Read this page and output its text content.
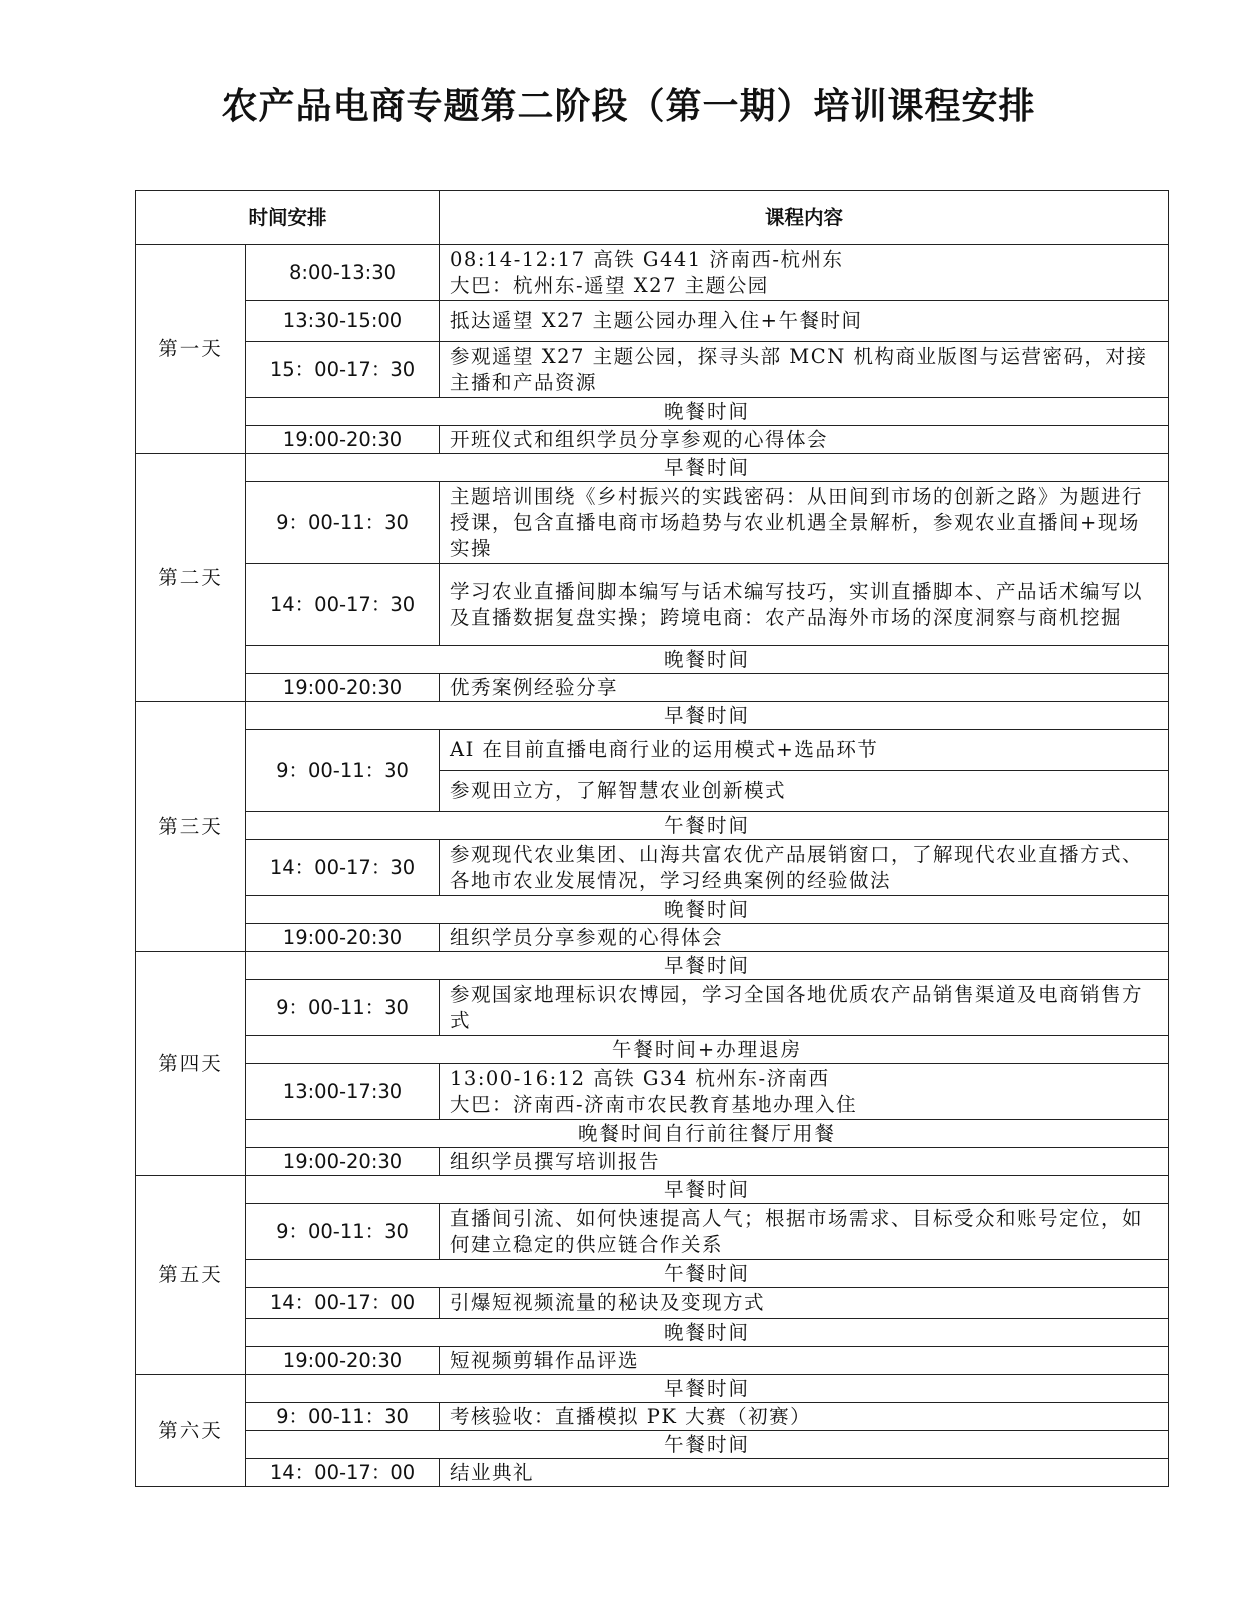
农产品电商专题第二阶段（第一期）培训课程安排
时间安排		课程内容
第一天	8:00-13:30	08:14-12:17 高铁 G441 济南西-杭州东
大巴：杭州东-遥望 X27 主题公园

	13:30-15:00	抵达遥望 X27 主题公园办理入住+午餐时间

	15：00-17：30	参观遥望 X27 主题公园，探寻头部 MCN 机构商业版图与运营密码，对接主播和产品资源

	晚餐时间	
	19:00-20:30	开班仪式和组织学员分享参观的心得体会

第二天	早餐时间	
	9：00-11：30	主题培训围绕《乡村振兴的实践密码：从田间到市场的创新之路》为题进行授课，包含直播电商市场趋势与农业机遇全景解析，参观农业直播间+现场实操

	14：00-17：30	学习农业直播间脚本编写与话术编写技巧，实训直播脚本、产品话术编写以及直播数据复盘实操；跨境电商：农产品海外市场的深度洞察与商机挖掘

	晚餐时间	
	19:00-20:30	优秀案例经验分享

第三天	早餐时间	
	9：00-11：30	AI 在目前直播电商行业的运用模式+选品环节

		参观田立方，了解智慧农业创新模式

	午餐时间	
	14：00-17：30	参观现代农业集团、山海共富农优产品展销窗口，了解现代农业直播方式、各地市农业发展情况，学习经典案例的经验做法

	晚餐时间	
	19:00-20:30	组织学员分享参观的心得体会

第四天	早餐时间	
	9：00-11：30	参观国家地理标识农博园，学习全国各地优质农产品销售渠道及电商销售方式

	午餐时间+办理退房	
	13:00-17:30	13:00-16:12 高铁 G34 杭州东-济南西
大巴：济南西-济南市农民教育基地办理入住

	晚餐时间自行前往餐厅用餐	
	19:00-20:30	组织学员撰写培训报告

第五天	早餐时间	
	9：00-11：30	直播间引流、如何快速提高人气；根据市场需求、目标受众和账号定位，如何建立稳定的供应链合作关系

	午餐时间	
	14：00-17：00	引爆短视频流量的秘诀及变现方式

	晚餐时间	
	19:00-20:30	短视频剪辑作品评选

第六天	早餐时间	
	9：00-11：30	考核验收：直播模拟 PK 大赛（初赛）

	午餐时间	
	14：00-17：00	结业典礼
